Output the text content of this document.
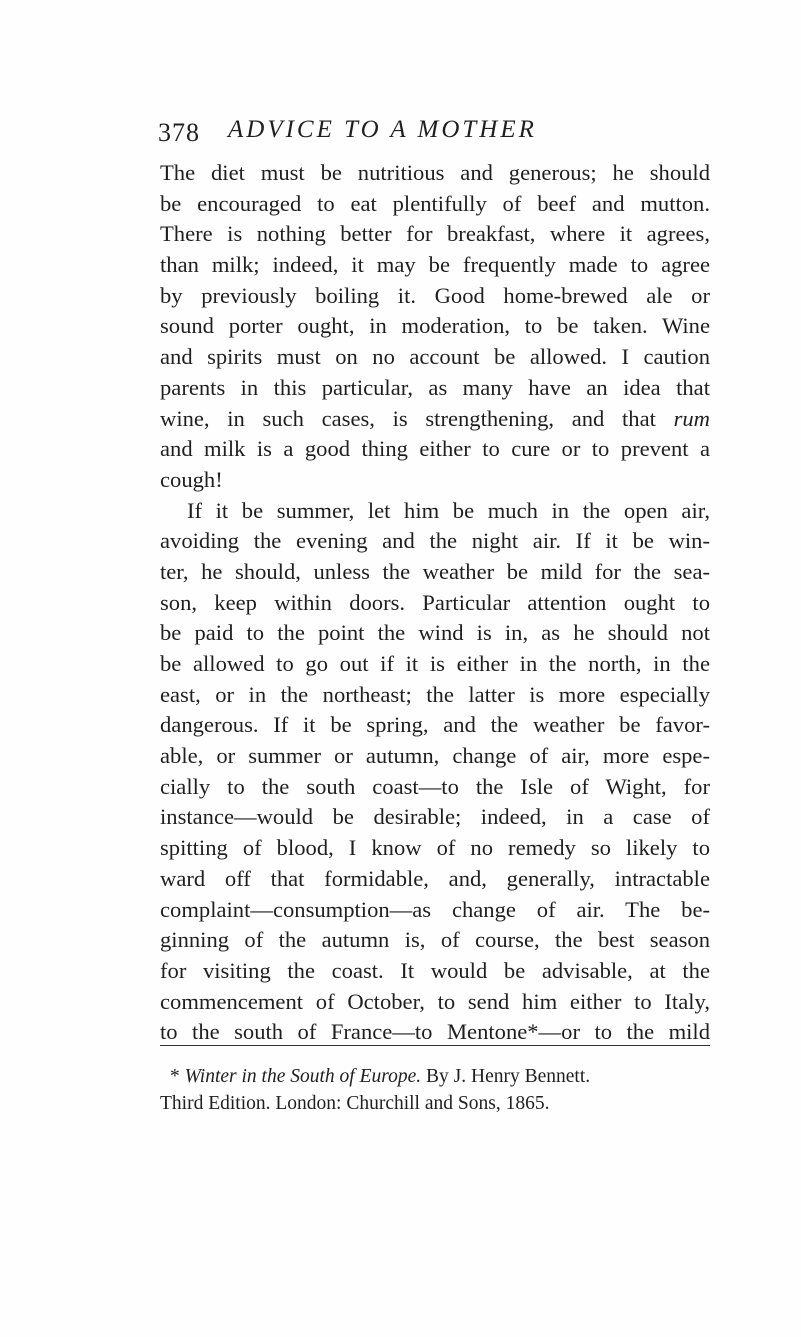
378 ADVICE TO A MOTHER
The diet must be nutritious and generous; he should
be encouraged to eat plentifully of beef and mutton.
There is nothing better for breakfast, where it agrees,
than milk; indeed, it may be frequently made to agree
by previously boiling it. Good home-brewed ale or
sound porter ought, in moderation, to be taken. Wine
and spirits must on no account be allowed. I caution
parents in this particular, as many have an idea that
wine, in such cases, is strengthening, and that rum
and milk is a good thing either to cure or to prevent a
cough!
If it be summer, let him be much in the open air,
avoiding the evening and the night air. If it be win-
ter, he should, unless the weather be mild for the sea-
son, keep within doors. Particular attention ought to
be paid to the point the wind is in, as he should not
be allowed to go out if it is either in the north, in the
east, or in the northeast; the latter is more especially
dangerous. If it be spring, and the weather be favor-
able, or summer or autumn, change of air, more espe-
cially to the south coast—to the Isle of Wight, for
instance—would be desirable; indeed, in a case of
spitting of blood, I know of no remedy so likely to
ward off that formidable, and, generally, intractable
complaint—consumption—as change of air. The be-
ginning of the autumn is, of course, the best season
for visiting the coast. It would be advisable, at the
commencement of October, to send him either to Italy,
to the south of France—to Mentone*—or to the mild
* Winter in the South of Europe. By J. Henry Bennett.
Third Edition. London: Churchill and Sons, 1865.
